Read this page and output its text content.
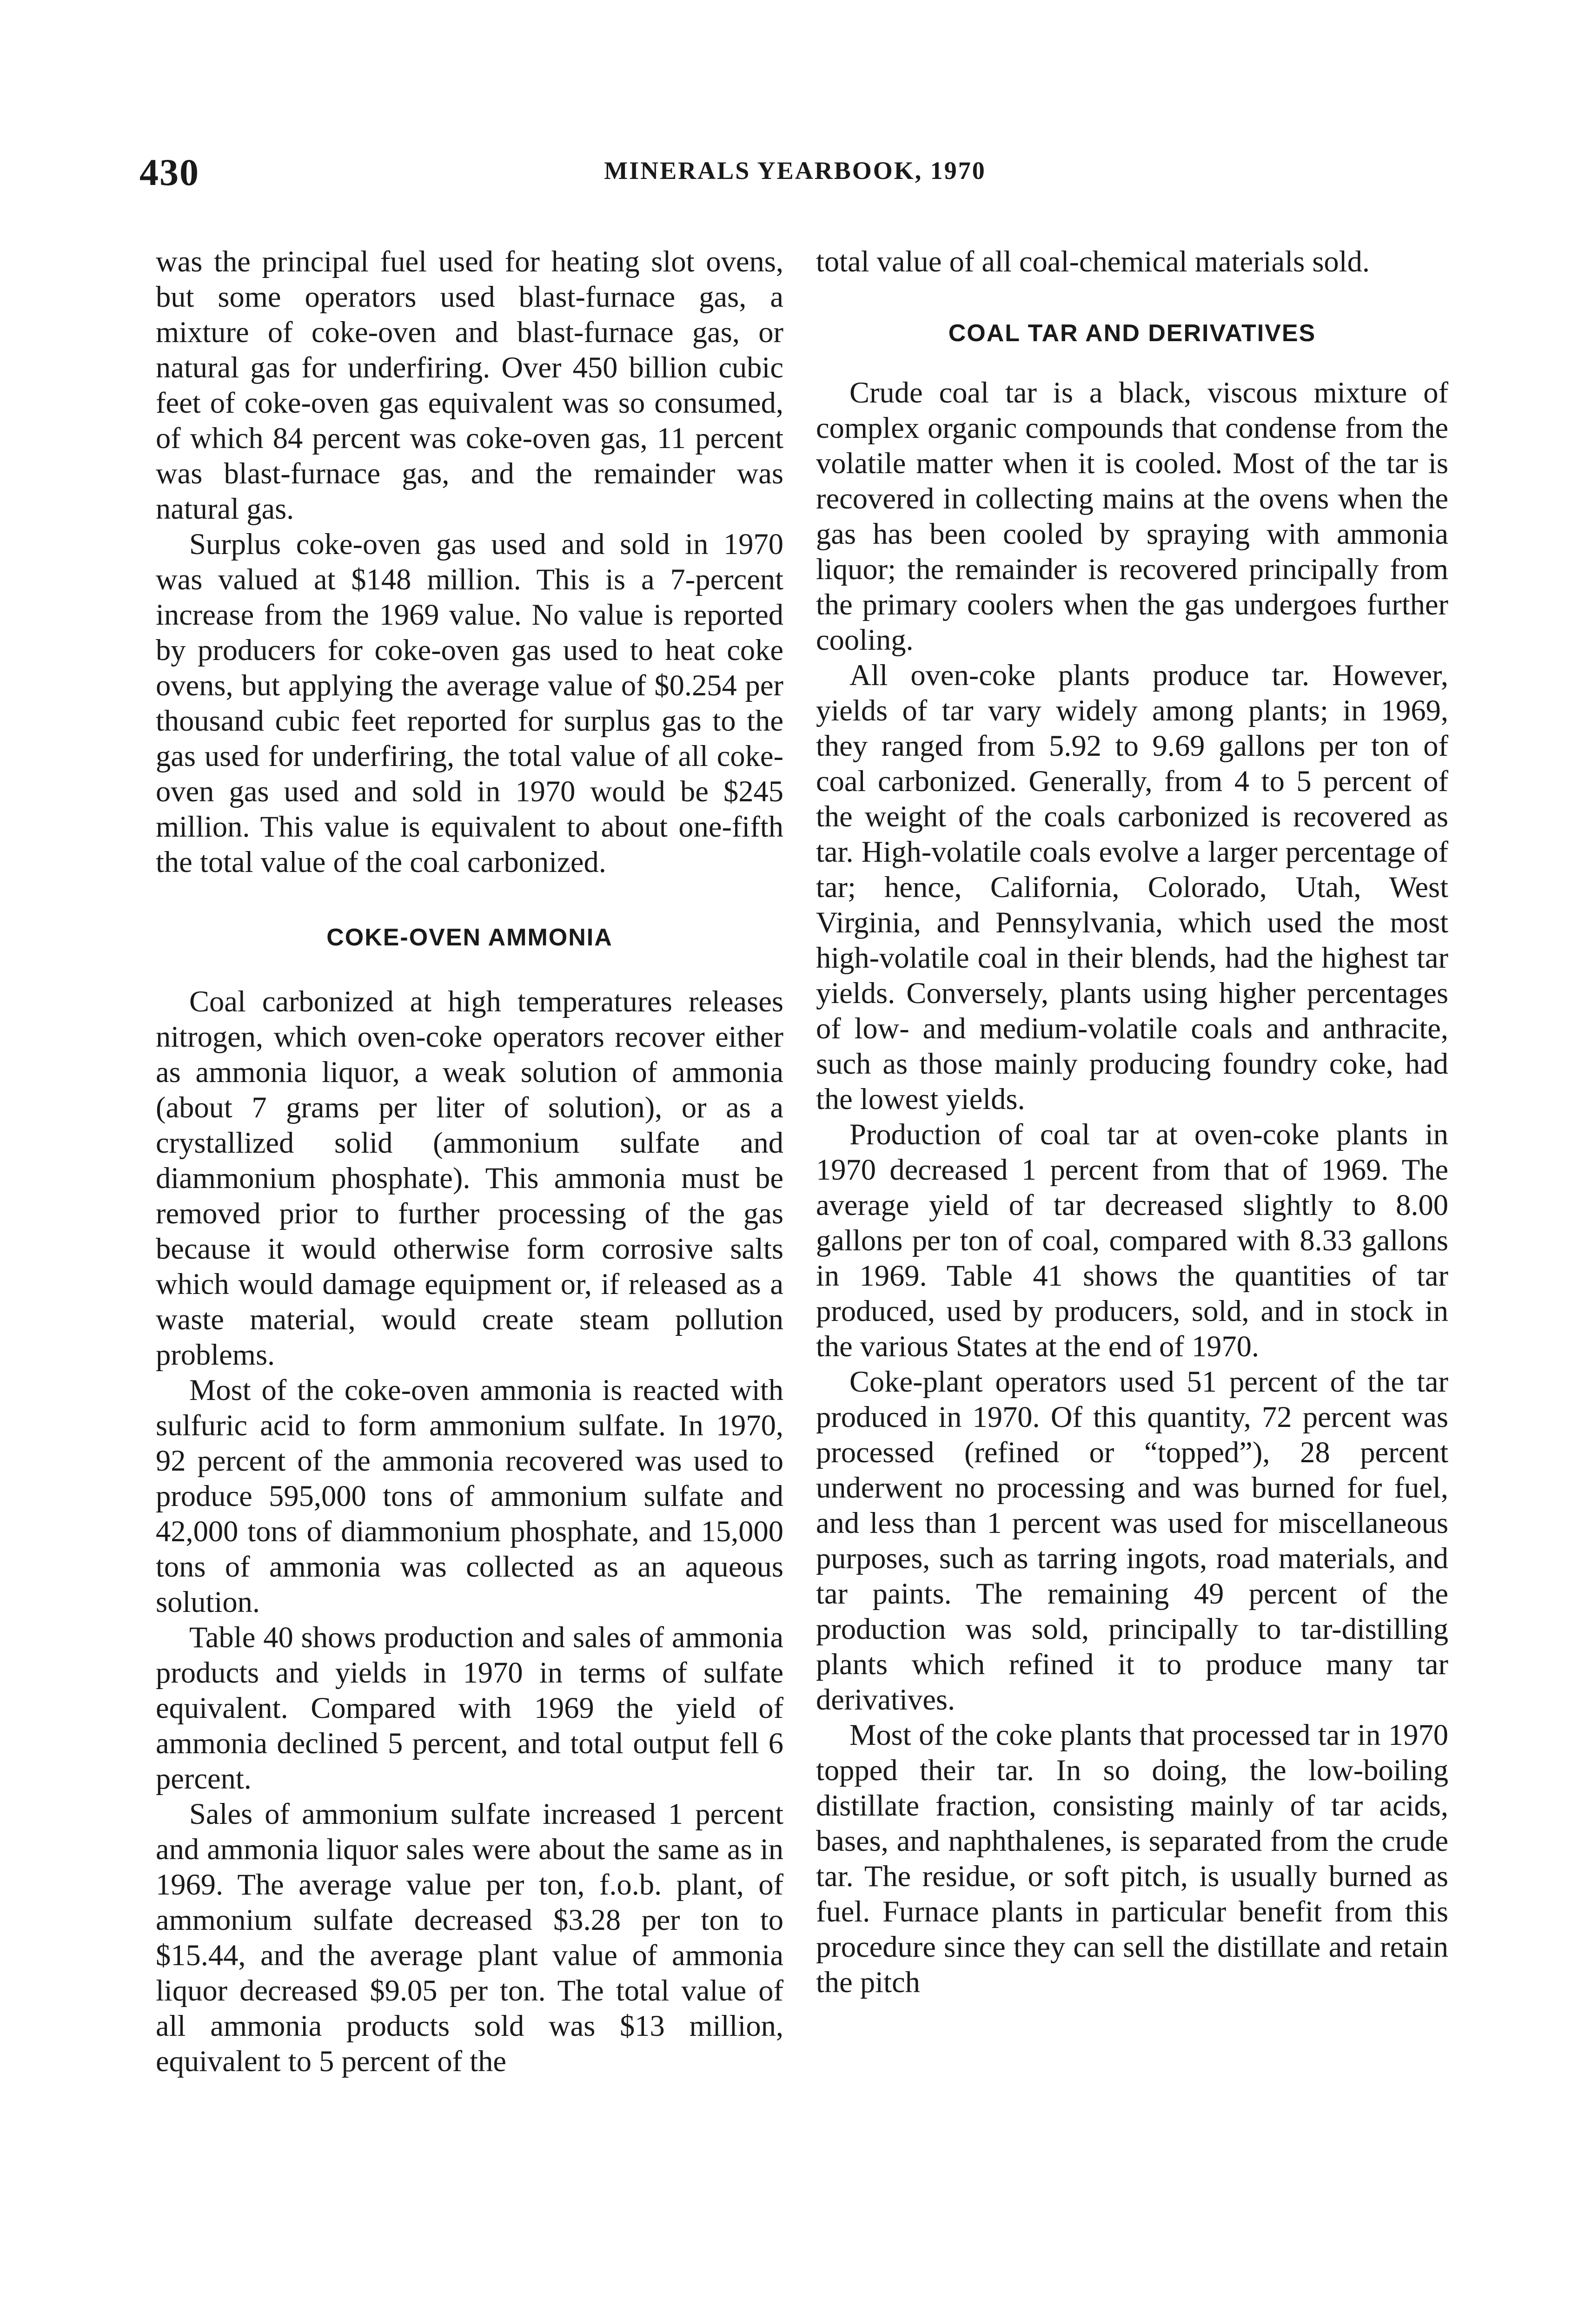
430	MINERALS YEARBOOK, 1970

was the principal fuel used for heating slot ovens, but some operators used blast-furnace gas, a mixture of coke-oven and blast-furnace gas, or natural gas for underfiring. Over 450 billion cubic feet of coke-oven gas equivalent was so consumed, of which 84 percent was coke-oven gas, 11 percent was blast-furnace gas, and the remainder was natural gas.

Surplus coke-oven gas used and sold in 1970 was valued at $148 million. This is a 7-percent increase from the 1969 value. No value is reported by producers for coke-oven gas used to heat coke ovens, but applying the average value of $0.254 per thousand cubic feet reported for surplus gas to the gas used for underfiring, the total value of all coke-oven gas used and sold in 1970 would be $245 million. This value is equivalent to about one-fifth the total value of the coal carbonized.

COKE-OVEN AMMONIA

Coal carbonized at high temperatures releases nitrogen, which oven-coke operators recover either as ammonia liquor, a weak solution of ammonia (about 7 grams per liter of solution), or as a crystallized solid (ammonium sulfate and diammonium phosphate). This ammonia must be removed prior to further processing of the gas because it would otherwise form corrosive salts which would damage equipment or, if released as a waste material, would create steam pollution problems.

Most of the coke-oven ammonia is reacted with sulfuric acid to form ammonium sulfate. In 1970, 92 percent of the ammonia recovered was used to produce 595,000 tons of ammonium sulfate and 42,000 tons of diammonium phosphate, and 15,000 tons of ammonia was collected as an aqueous solution.

Table 40 shows production and sales of ammonia products and yields in 1970 in terms of sulfate equivalent. Compared with 1969 the yield of ammonia declined 5 percent, and total output fell 6 percent.

Sales of ammonium sulfate increased 1 percent and ammonia liquor sales were about the same as in 1969. The average value per ton, f.o.b. plant, of ammonium sulfate decreased $3.28 per ton to $15.44, and the average plant value of ammonia liquor decreased $9.05 per ton. The total value of all ammonia products sold was $13 million, equivalent to 5 percent of the

total value of all coal-chemical materials sold.

COAL TAR AND DERIVATIVES

Crude coal tar is a black, viscous mixture of complex organic compounds that condense from the volatile matter when it is cooled. Most of the tar is recovered in collecting mains at the ovens when the gas has been cooled by spraying with ammonia liquor; the remainder is recovered principally from the primary coolers when the gas undergoes further cooling.

All oven-coke plants produce tar. However, yields of tar vary widely among plants; in 1969, they ranged from 5.92 to 9.69 gallons per ton of coal carbonized. Generally, from 4 to 5 percent of the weight of the coals carbonized is recovered as tar. High-volatile coals evolve a larger percentage of tar; hence, California, Colorado, Utah, West Virginia, and Pennsylvania, which used the most high-volatile coal in their blends, had the highest tar yields. Conversely, plants using higher percentages of low- and medium-volatile coals and anthracite, such as those mainly producing foundry coke, had the lowest yields.

Production of coal tar at oven-coke plants in 1970 decreased 1 percent from that of 1969. The average yield of tar decreased slightly to 8.00 gallons per ton of coal, compared with 8.33 gallons in 1969. Table 41 shows the quantities of tar produced, used by producers, sold, and in stock in the various States at the end of 1970.

Coke-plant operators used 51 percent of the tar produced in 1970. Of this quantity, 72 percent was processed (refined or “topped”), 28 percent underwent no processing and was burned for fuel, and less than 1 percent was used for miscellaneous purposes, such as tarring ingots, road materials, and tar paints. The remaining 49 percent of the production was sold, principally to tar-distilling plants which refined it to produce many tar derivatives.

Most of the coke plants that processed tar in 1970 topped their tar. In so doing, the low-boiling distillate fraction, consisting mainly of tar acids, bases, and naphthalenes, is separated from the crude tar. The residue, or soft pitch, is usually burned as fuel. Furnace plants in particular benefit from this procedure since they can sell the distillate and retain the pitch
